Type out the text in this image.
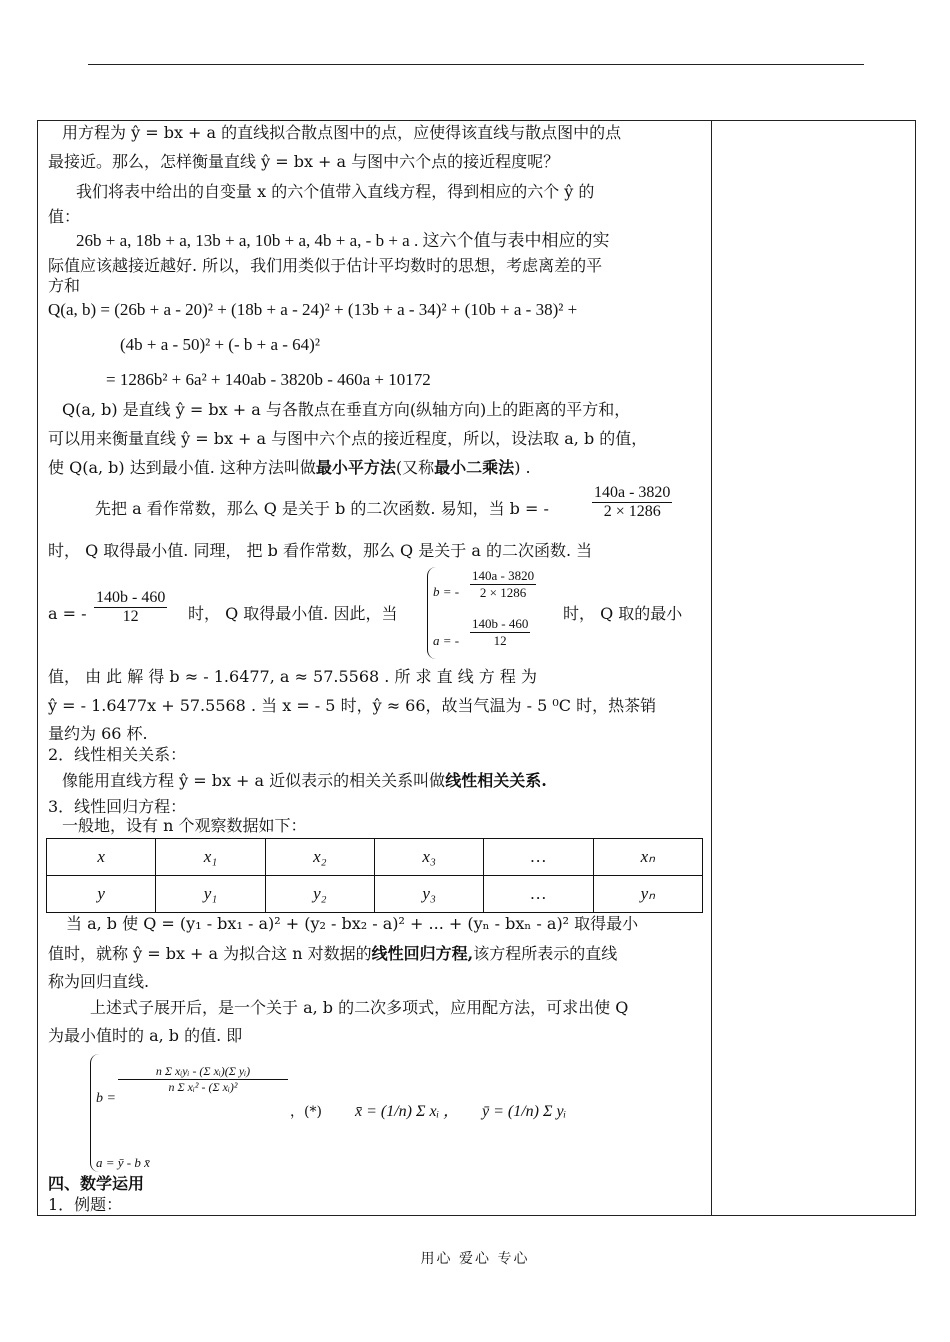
用方程为 ŷ = bx + a 的直线拟合散点图中的点，应使得该直线与散点图中的点
最接近。那么，怎样衡量直线 ŷ = bx + a 与图中六个点的接近程度呢？
我们将表中给出的自变量 x 的六个值带入直线方程，得到相应的六个 ŷ 的
值：
26b + a, 18b + a, 13b + a, 10b + a, 4b + a, - b + a . 这六个值与表中相应的实
际值应该越接近越好. 所以，我们用类似于估计平均数时的思想，考虑离差的平
方和
Q(a, b) = (26b + a - 20)² + (18b + a - 24)² + (13b + a - 34)² + (10b + a - 38)² +
(4b + a - 50)² + (- b + a - 64)²
= 1286b² + 6a² + 140ab - 3820b - 460a + 10172
Q(a, b) 是直线 ŷ = bx + a 与各散点在垂直方向(纵轴方向)上的距离的平方和，
可以用来衡量直线 ŷ = bx + a 与图中六个点的接近程度，所以，设法取 a, b 的值，
使 Q(a, b) 达到最小值. 这种方法叫做最小平方法(又称最小二乘法) .
先把 a 看作常数，那么 Q 是关于 b 的二次函数. 易知，当 b = -	$\frac{140a - 3820}{2 \times 1286}$
时， Q 取得最小值. 同理， 把 b 看作常数，那么 Q 是关于 a 的二次函数. 当
a = - $\frac{140b - 460}{12}$ 时， Q 取得最小值. 因此，当
b = - $\frac{140a - 3820}{2 \times 1286}$
a = - $\frac{140b - 460}{12}$
时， Q 取的最小
值， 由 此 解 得 b ≈ - 1.6477, a ≈ 57.5568 . 所 求 直 线 方 程 为
ŷ = - 1.6477x + 57.5568 . 当 x = - 5 时，ŷ ≈ 66，故当气温为 - 5 ⁰C 时，热茶销
量约为 66 杯.
2．线性相关关系：
像能用直线方程 ŷ = bx + a 近似表示的相关关系叫做线性相关关系.
3．线性回归方程：
一般地，设有 n 个观察数据如下：
x	x₁	x₂	x₃	…	xₙ
y	y₁	y₂	y₃	…	yₙ
当 a, b 使 Q = (y₁ - bx₁ - a)² + (y₂ - bx₂ - a)² + ... + (yₙ - bxₙ - a)² 取得最小
值时，就称 ŷ = bx + a 为拟合这 n 对数据的线性回归方程,该方程所表示的直线
称为回归直线.
上述式子展开后，是一个关于 a, b 的二次多项式，应用配方法，可求出使 Q
为最小值时的 a, b 的值. 即
b =
n Σ xᵢyᵢ - (Σ xᵢ)(Σ yᵢ)
n Σ xᵢ² - (Σ xᵢ)²
a = ȳ - b x̄
，(*)	x̄ = (1/n) Σ xᵢ ，	ȳ = (1/n) Σ yᵢ
四、数学运用
1．例题：
用心 爱心 专心
